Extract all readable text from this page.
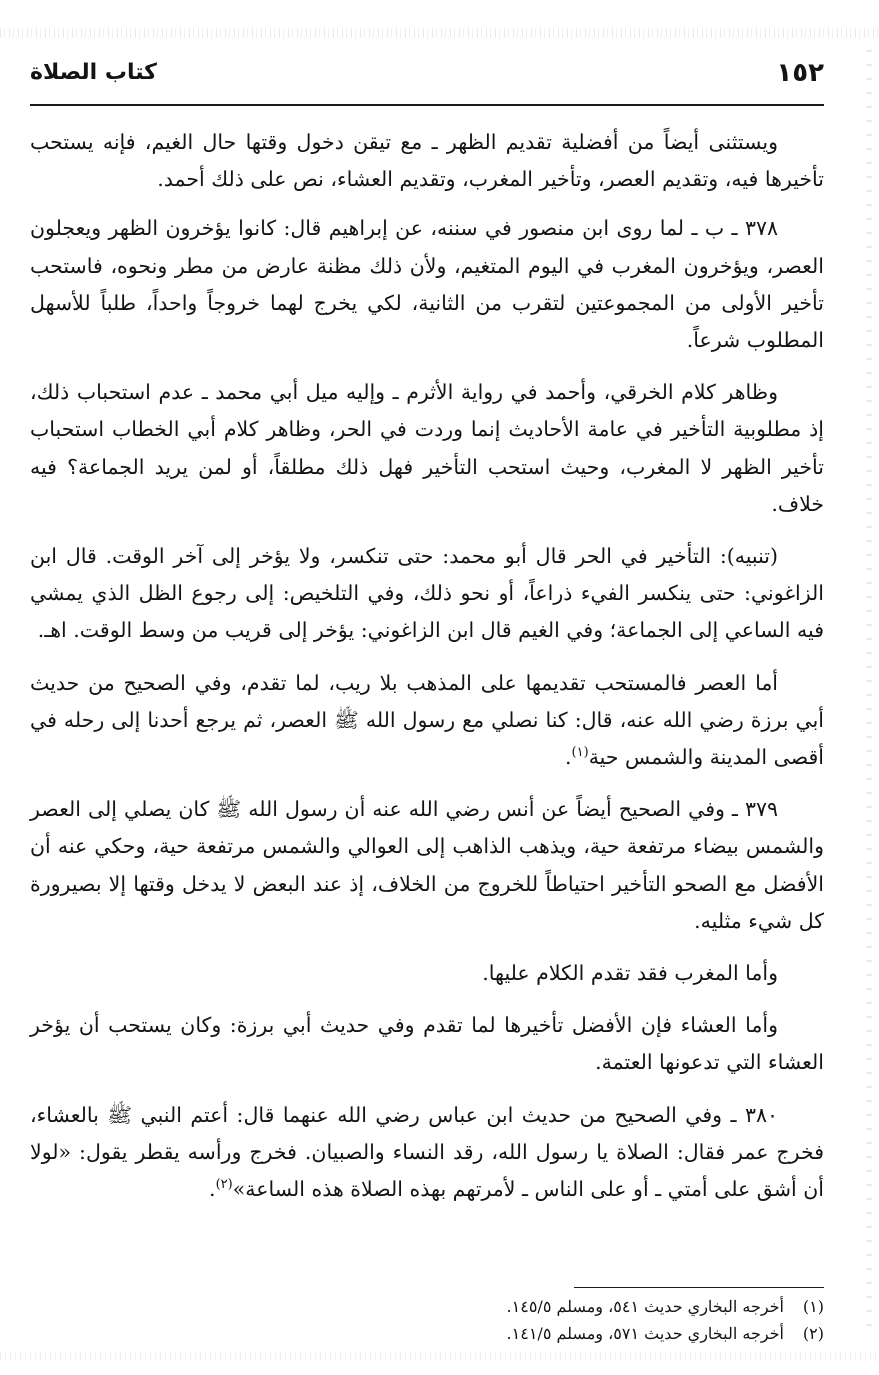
١٥٢
كتاب الصلاة

ويستثنى أيضاً من أفضلية تقديم الظهر ـ مع تيقن دخول وقتها حال الغيم، فإنه يستحب تأخيرها فيه، وتقديم العصر، وتأخير المغرب، وتقديم العشاء، نص على ذلك أحمد.

٣٧٨ ـ ب ـ لما روى ابن منصور في سننه، عن إبراهيم قال: كانوا يؤخرون الظهر ويعجلون العصر، ويؤخرون المغرب في اليوم المتغيم، ولأن ذلك مظنة عارض من مطر ونحوه، فاستحب تأخير الأولى من المجموعتين لتقرب من الثانية، لكي يخرج لهما خروجاً واحداً، طلباً للأسهل المطلوب شرعاً.

وظاهر كلام الخرقي، وأحمد في رواية الأثرم ـ وإليه ميل أبي محمد ـ عدم استحباب ذلك، إذ مطلوبية التأخير في عامة الأحاديث إنما وردت في الحر، وظاهر كلام أبي الخطاب استحباب تأخير الظهر لا المغرب، وحيث استحب التأخير فهل ذلك مطلقاً، أو لمن يريد الجماعة؟ فيه خلاف.

(تنبيه): التأخير في الحر قال أبو محمد: حتى تنكسر، ولا يؤخر إلى آخر الوقت. قال ابن الزاغوني: حتى ينكسر الفيء ذراعاً، أو نحو ذلك، وفي التلخيص: إلى رجوع الظل الذي يمشي فيه الساعي إلى الجماعة؛ وفي الغيم قال ابن الزاغوني: يؤخر إلى قريب من وسط الوقت. اهـ.

أما العصر فالمستحب تقديمها على المذهب بلا ريب، لما تقدم، وفي الصحيح من حديث أبي برزة رضي الله عنه، قال: كنا نصلي مع رسول الله ﷺ العصر، ثم يرجع أحدنا إلى رحله في أقصى المدينة والشمس حية$^{(١)}$.

٣٧٩ ـ وفي الصحيح أيضاً عن أنس رضي الله عنه أن رسول الله ﷺ كان يصلي إلى العصر والشمس بيضاء مرتفعة حية، ويذهب الذاهب إلى العوالي والشمس مرتفعة حية، وحكي عنه أن الأفضل مع الصحو التأخير احتياطاً للخروج من الخلاف، إذ عند البعض لا يدخل وقتها إلا بصيرورة كل شيء مثليه.

وأما المغرب فقد تقدم الكلام عليها.

وأما العشاء فإن الأفضل تأخيرها لما تقدم وفي حديث أبي برزة: وكان يستحب أن يؤخر العشاء التي تدعونها العتمة.

٣٨٠ ـ وفي الصحيح من حديث ابن عباس رضي الله عنهما قال: أعتم النبي ﷺ بالعشاء، فخرج عمر فقال: الصلاة يا رسول الله، رقد النساء والصبيان. فخرج ورأسه يقطر يقول: «لولا أن أشق على أمتي ـ أو على الناس ـ لأمرتهم بهذه الصلاة هذه الساعة»$^{(٢)}$.

(١)أخرجه البخاري حديث ٥٤١، ومسلم ١٤٥/٥.

(٢)أخرجه البخاري حديث ٥٧١، ومسلم ١٤١/٥.
